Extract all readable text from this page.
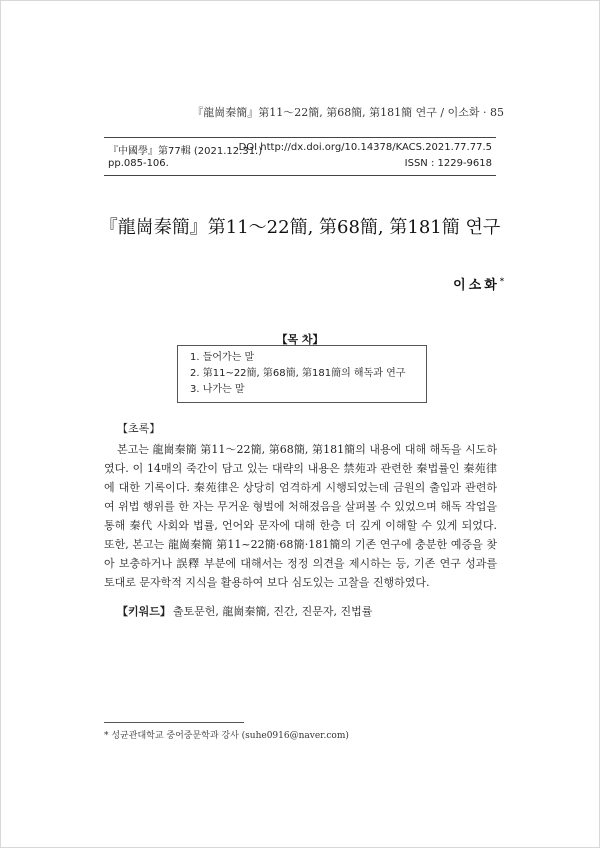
『龍崗秦簡』第11～22簡, 第68簡, 第181簡 연구 / 이소화 · 85
『中國學』第77輯 (2021.12.31.)
DOI http://dx.doi.org/10.14378/KACS.2021.77.77.5
pp.085-106.	ISSN : 1229-9618
『龍崗秦簡』第11～22簡, 第68簡, 第181簡 연구
이소화*
【목 차】
1. 들어가는 말
2. 第11~22簡, 第68簡, 第181簡의 해독과 연구
3. 나가는 말
【초록】
본고는 龍崗秦簡 第11～22簡, 第68簡, 第181簡의 내용에 대해 해독을 시도하였다. 이 14매의 죽간이 담고 있는 대략의 내용은 禁苑과 관련한 秦법률인 秦苑律에 대한 기록이다. 秦苑律은 상당히 엄격하게 시행되었는데 금원의 출입과 관련하여 위법 행위를 한 자는 무거운 형벌에 처해졌음을 살펴볼 수 있었으며 해독 작업을 통해 秦代 사회와 법률, 언어와 문자에 대해 한층 더 깊게 이해할 수 있게 되었다. 또한, 본고는 龍崗秦簡 第11~22簡·68簡·181簡의 기존 연구에 충분한 예증을 찾아 보충하거나 誤釋 부분에 대해서는 정정 의견을 제시하는 등, 기존 연구 성과를 토대로 문자학적 지식을 활용하여 보다 심도있는 고찰을 진행하였다.
【키워드】 출토문헌, 龍崗秦簡, 진간, 진문자, 진법률
* 성균관대학교 중어중문학과 강사 (suhe0916@naver.com)
